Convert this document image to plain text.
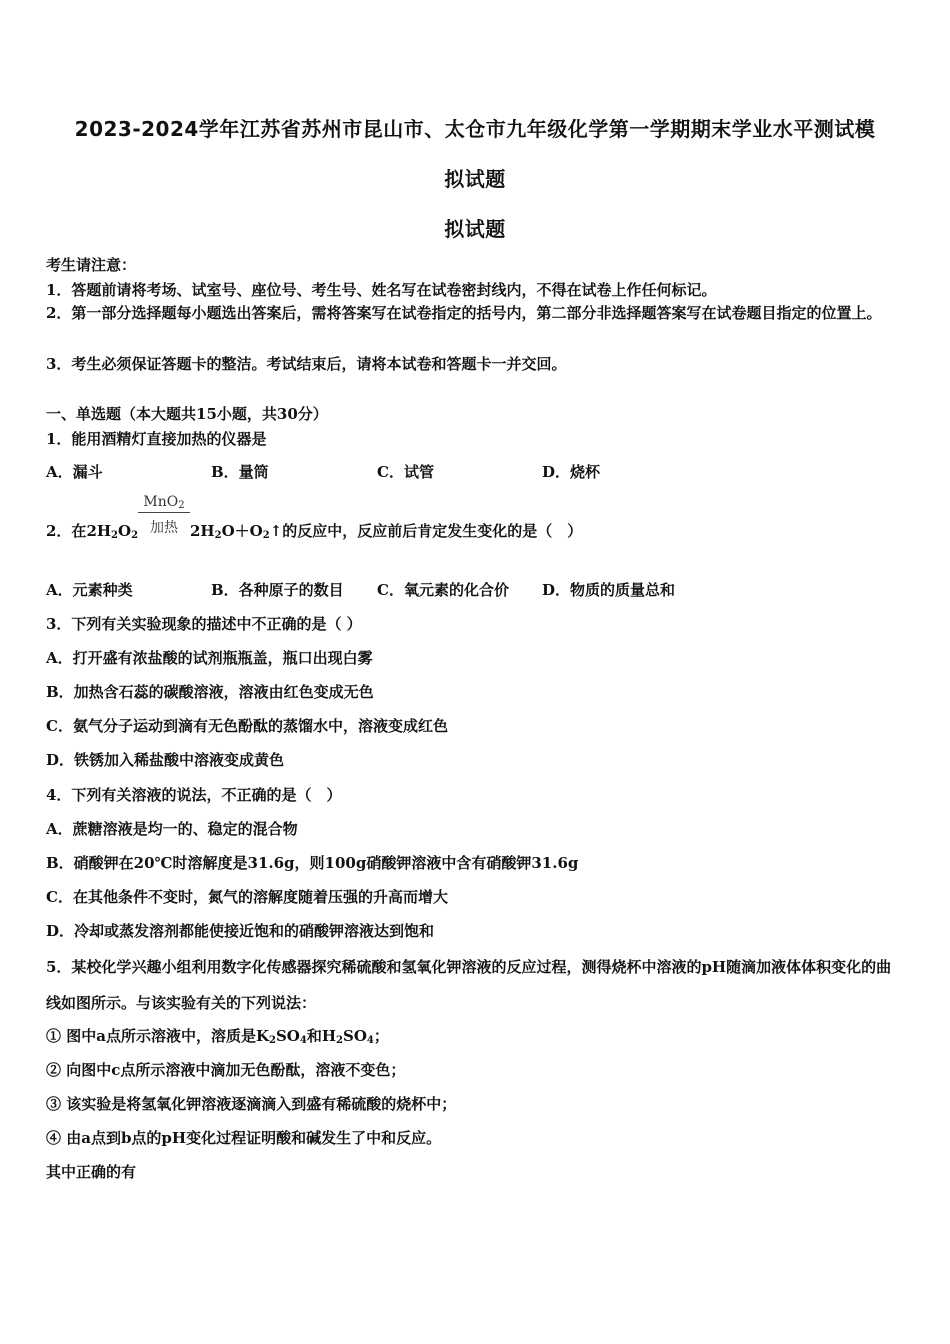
2023-2024学年江苏省苏州市昆山市、太仓市九年级化学第一学期期末学业水平测试模
拟试题
拟试题
考生请注意：
1．答题前请将考场、试室号、座位号、考生号、姓名写在试卷密封线内，不得在试卷上作任何标记。
2．第一部分选择题每小题选出答案后，需将答案写在试卷指定的括号内，第二部分非选择题答案写在试卷题目指定的位置上。
3．考生必须保证答题卡的整洁。考试结束后，请将本试卷和答题卡一并交回。
一、单选题（本大题共15小题，共30分）
1．能用酒精灯直接加热的仪器是
A．漏斗	B．量筒	C．试管	D．烧杯
2．在$2H_2O_2$
MnO$_2$
加热 $2H_2O+O_2↑$的反应中，反应前后肯定发生变化的是（　）
A．元素种类	B．各种原子的数目 C．氧元素的化合价 D．物质的质量总和
3．下列有关实验现象的描述中不正确的是（ ）
A．打开盛有浓盐酸的试剂瓶瓶盖，瓶口出现白雾
B．加热含石蕊的碳酸溶液，溶液由红色变成无色
C．氨气分子运动到滴有无色酚酞的蒸馏水中，溶液变成红色
D．铁锈加入稀盐酸中溶液变成黄色
4．下列有关溶液的说法，不正确的是（　）
A．蔗糖溶液是均一的、稳定的混合物
B．硝酸钾在20℃时溶解度是31.6g，则100g硝酸钾溶液中含有硝酸钾31.6g
C．在其他条件不变时，氮气的溶解度随着压强的升高而增大
D．冷却或蒸发溶剂都能使接近饱和的硝酸钾溶液达到饱和
5．某校化学兴趣小组利用数字化传感器探究稀硫酸和氢氧化钾溶液的反应过程，测得烧杯中溶液的pH随滴加液体体积变化的曲线如图所示。与该实验有关的下列说法：
① 图中a点所示溶液中，溶质是$K_2SO_4$和$H_2SO_4$；
② 向图中c点所示溶液中滴加无色酚酞，溶液不变色；
③ 该实验是将氢氧化钾溶液逐滴滴入到盛有稀硫酸的烧杯中；
④ 由a点到b点的pH变化过程证明酸和碱发生了中和反应。
其中正确的有
